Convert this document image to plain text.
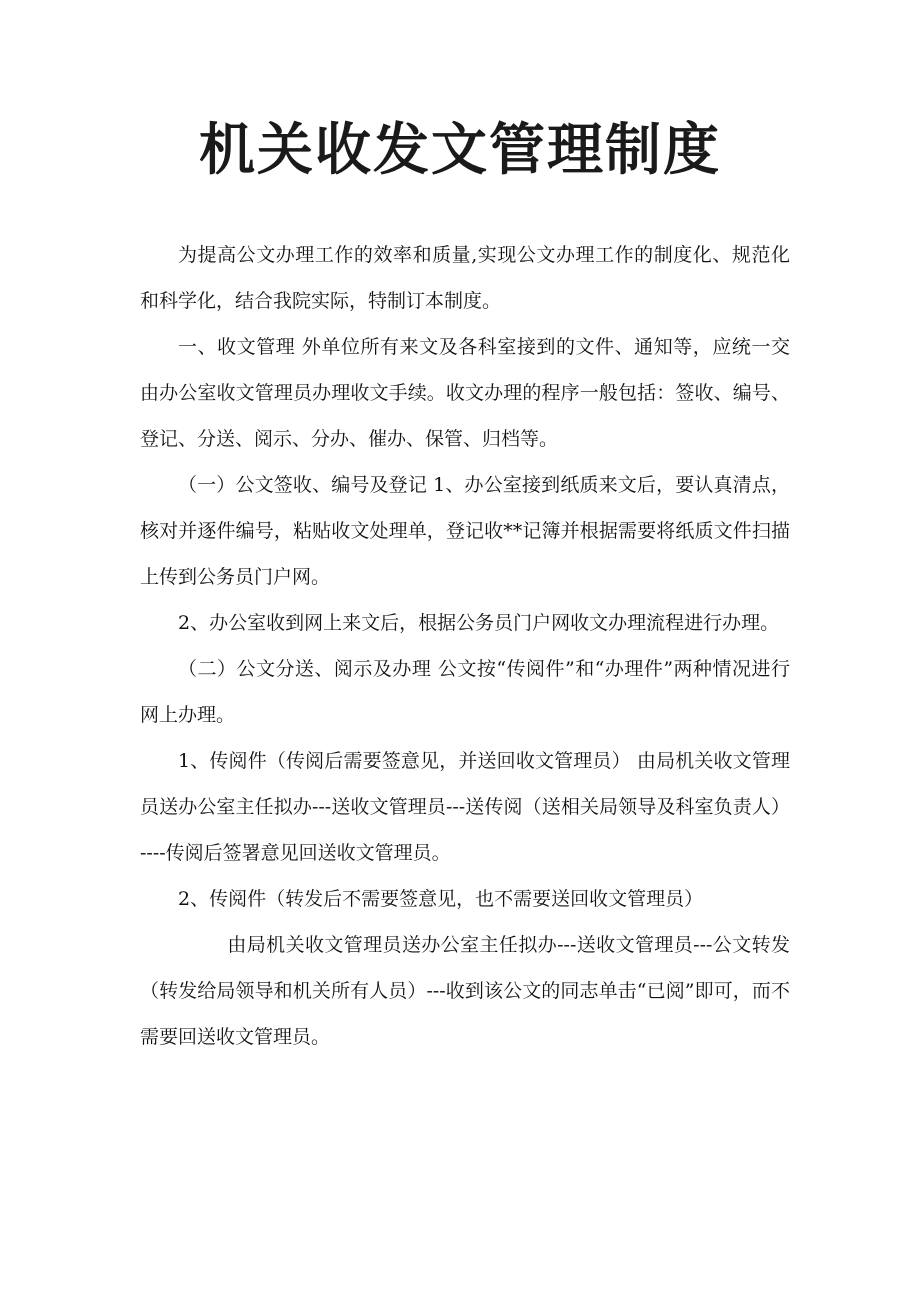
机关收发文管理制度

为提高公文办理工作的效率和质量,实现公文办理工作的制度化、规范化和科学化，结合我院实际，特制订本制度。

一、收文管理 外单位所有来文及各科室接到的文件、通知等，应统一交由办公室收文管理员办理收文手续。收文办理的程序一般包括：签收、编号、登记、分送、阅示、分办、催办、保管、归档等。

（一）公文签收、编号及登记 1、办公室接到纸质来文后，要认真清点，核对并逐件编号，粘贴收文处理单，登记收**记簿并根据需要将纸质文件扫描上传到公务员门户网。

2、办公室收到网上来文后，根据公务员门户网收文办理流程进行办理。

（二）公文分送、阅示及办理 公文按“传阅件”和“办理件”两种情况进行网上办理。

1、传阅件（传阅后需要签意见，并送回收文管理员） 由局机关收文管理员送办公室主任拟办---送收文管理员---送传阅（送相关局领导及科室负责人）----传阅后签署意见回送收文管理员。

2、传阅件（转发后不需要签意见，也不需要送回收文管理员）

由局机关收文管理员送办公室主任拟办---送收文管理员---公文转发（转发给局领导和机关所有人员）---收到该公文的同志单击“已阅”即可，而不需要回送收文管理员。
